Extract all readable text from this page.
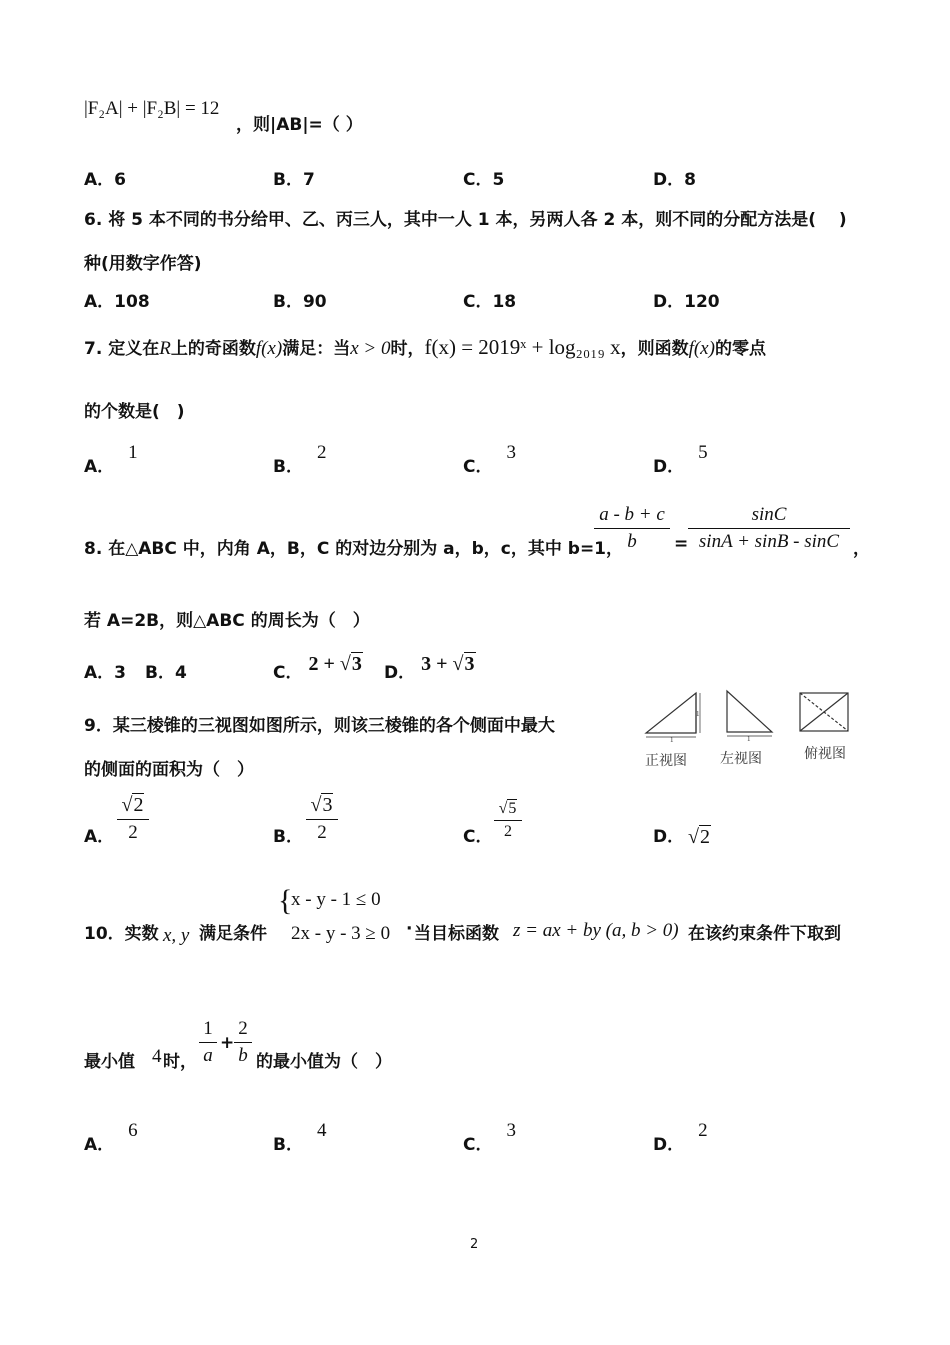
|F₂A| + |F₂B| = 12
，则|AB|=（ ）
A．6	B．7	C．5	D．8
6. 将 5 本不同的书分给甲、乙、丙三人，其中一人 1 本，另两人各 2 本，则不同的分配方法是(　 )
种(用数字作答)
A．108	B．90	C．18	D．120
7. 定义在R上的奇函数f(x)满足：当x > 0时，f(x) = 2019ˣ + log₂₀₁₉ x，则函数f(x)的零点
的个数是(　)
A．1
B．2
C．3
D．5
8. 在△ABC 中，内角 A，B，C 的对边分别为 a，b，c，其中 b=1，
a - b + c
b	=
sinC
sinA + sinB - sinC ，
若 A=2B，则△ABC 的周长为（　）
A．3 B．4	C． 2 + √3 D． 3 + √3
9．某三棱锥的三视图如图所示，则该三棱锥的各个侧面中最大
的侧面的面积为（　）
1
1	1
正视图 左视图	俯视图
A．
√2
2	B．
√3
2	C．
√5
2	D． √2
10．实数 x, y 满足条件
{
x - y - 1 ≤ 0
2x - y - 3 ≥ 0 · 当目标函数 z = ax + by (a, b > 0) 在该约束条件下取到
最小值 4 时，
1
a
+
2
b 的最小值为（　）
A．6
B．4
C．3
D．2
2
